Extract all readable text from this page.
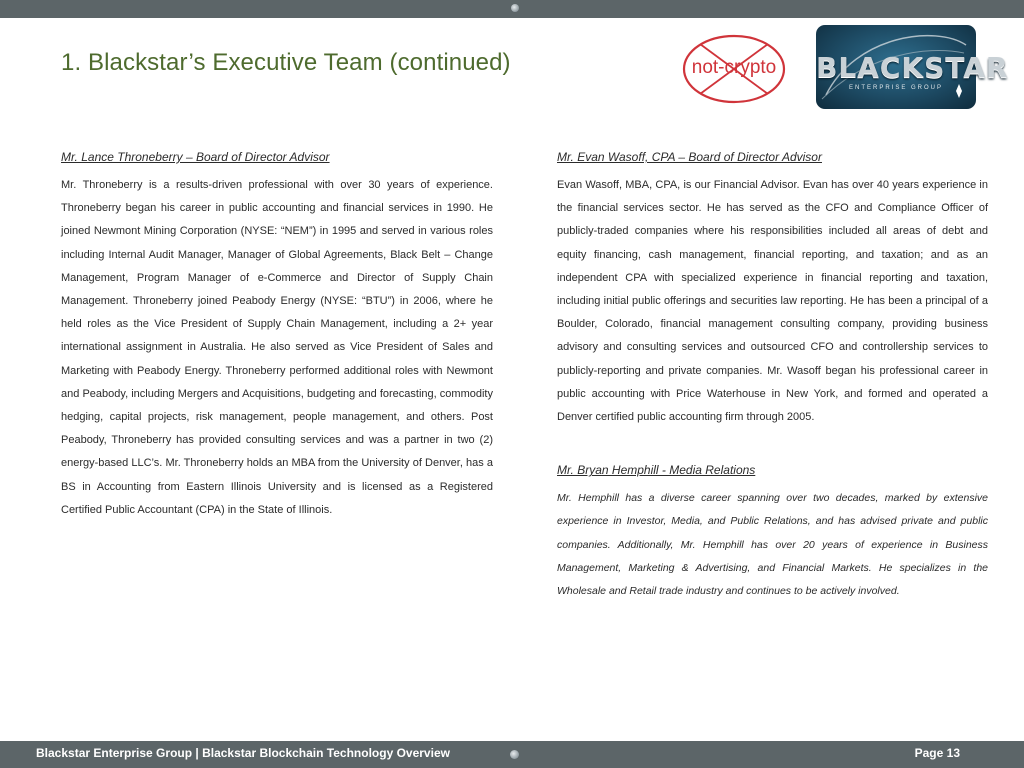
1. Blackstar’s Executive Team (continued)	not-crypto	BLACKSTAR
ENTERPRISE GROUP
Mr. Lance Throneberry – Board of Director Advisor

Mr. Throneberry is a results-driven professional with over 30 years of experience. Throneberry began his career in public accounting and financial services in 1990. He joined Newmont Mining Corporation (NYSE: “NEM”) in 1995 and served in various roles including Internal Audit Manager, Manager of Global Agreements, Black Belt – Change Management, Program Manager of e-Commerce and Director of Supply Chain Management. Throneberry joined Peabody Energy (NYSE: “BTU”) in 2006, where he held roles as the Vice President of Supply Chain Management, including a 2+ year international assignment in Australia. He also served as Vice President of Sales and Marketing with Peabody Energy. Throneberry performed additional roles with Newmont and Peabody, including Mergers and Acquisitions, budgeting and forecasting, commodity hedging, capital projects, risk management, people management, and others. Post Peabody, Throneberry has provided consulting services and was a partner in two (2) energy-based LLC’s. Mr. Throneberry holds an MBA from the University of Denver, has a BS in Accounting from Eastern Illinois University and is licensed as a Registered Certified Public Accountant (CPA) in the State of Illinois.

Mr. Evan Wasoff, CPA – Board of Director Advisor

Evan Wasoff, MBA, CPA, is our Financial Advisor. Evan has over 40 years experience in the financial services sector. He has served as the CFO and Compliance Officer of publicly-traded companies where his responsibilities included all areas of debt and equity financing, cash management, financial reporting, and taxation; and as an independent CPA with specialized experience in financial reporting and taxation, including initial public offerings and securities law reporting. He has been a principal of a Boulder, Colorado, financial management consulting company, providing business advisory and consulting services and outsourced CFO and controllership services to publicly-reporting and private companies. Mr. Wasoff began his professional career in public accounting with Price Waterhouse in New York, and formed and operated a Denver certified public accounting firm through 2005.

Mr. Bryan Hemphill - Media Relations

Mr. Hemphill has a diverse career spanning over two decades, marked by extensive experience in Investor, Media, and Public Relations, and has advised private and public companies. Additionally, Mr. Hemphill has over 20 years of experience in Business Management, Marketing & Advertising, and Financial Markets. He specializes in the Wholesale and Retail trade industry and continues to be actively involved.

Blackstar Enterprise Group | Blackstar Blockchain Technology Overview	Page 13
